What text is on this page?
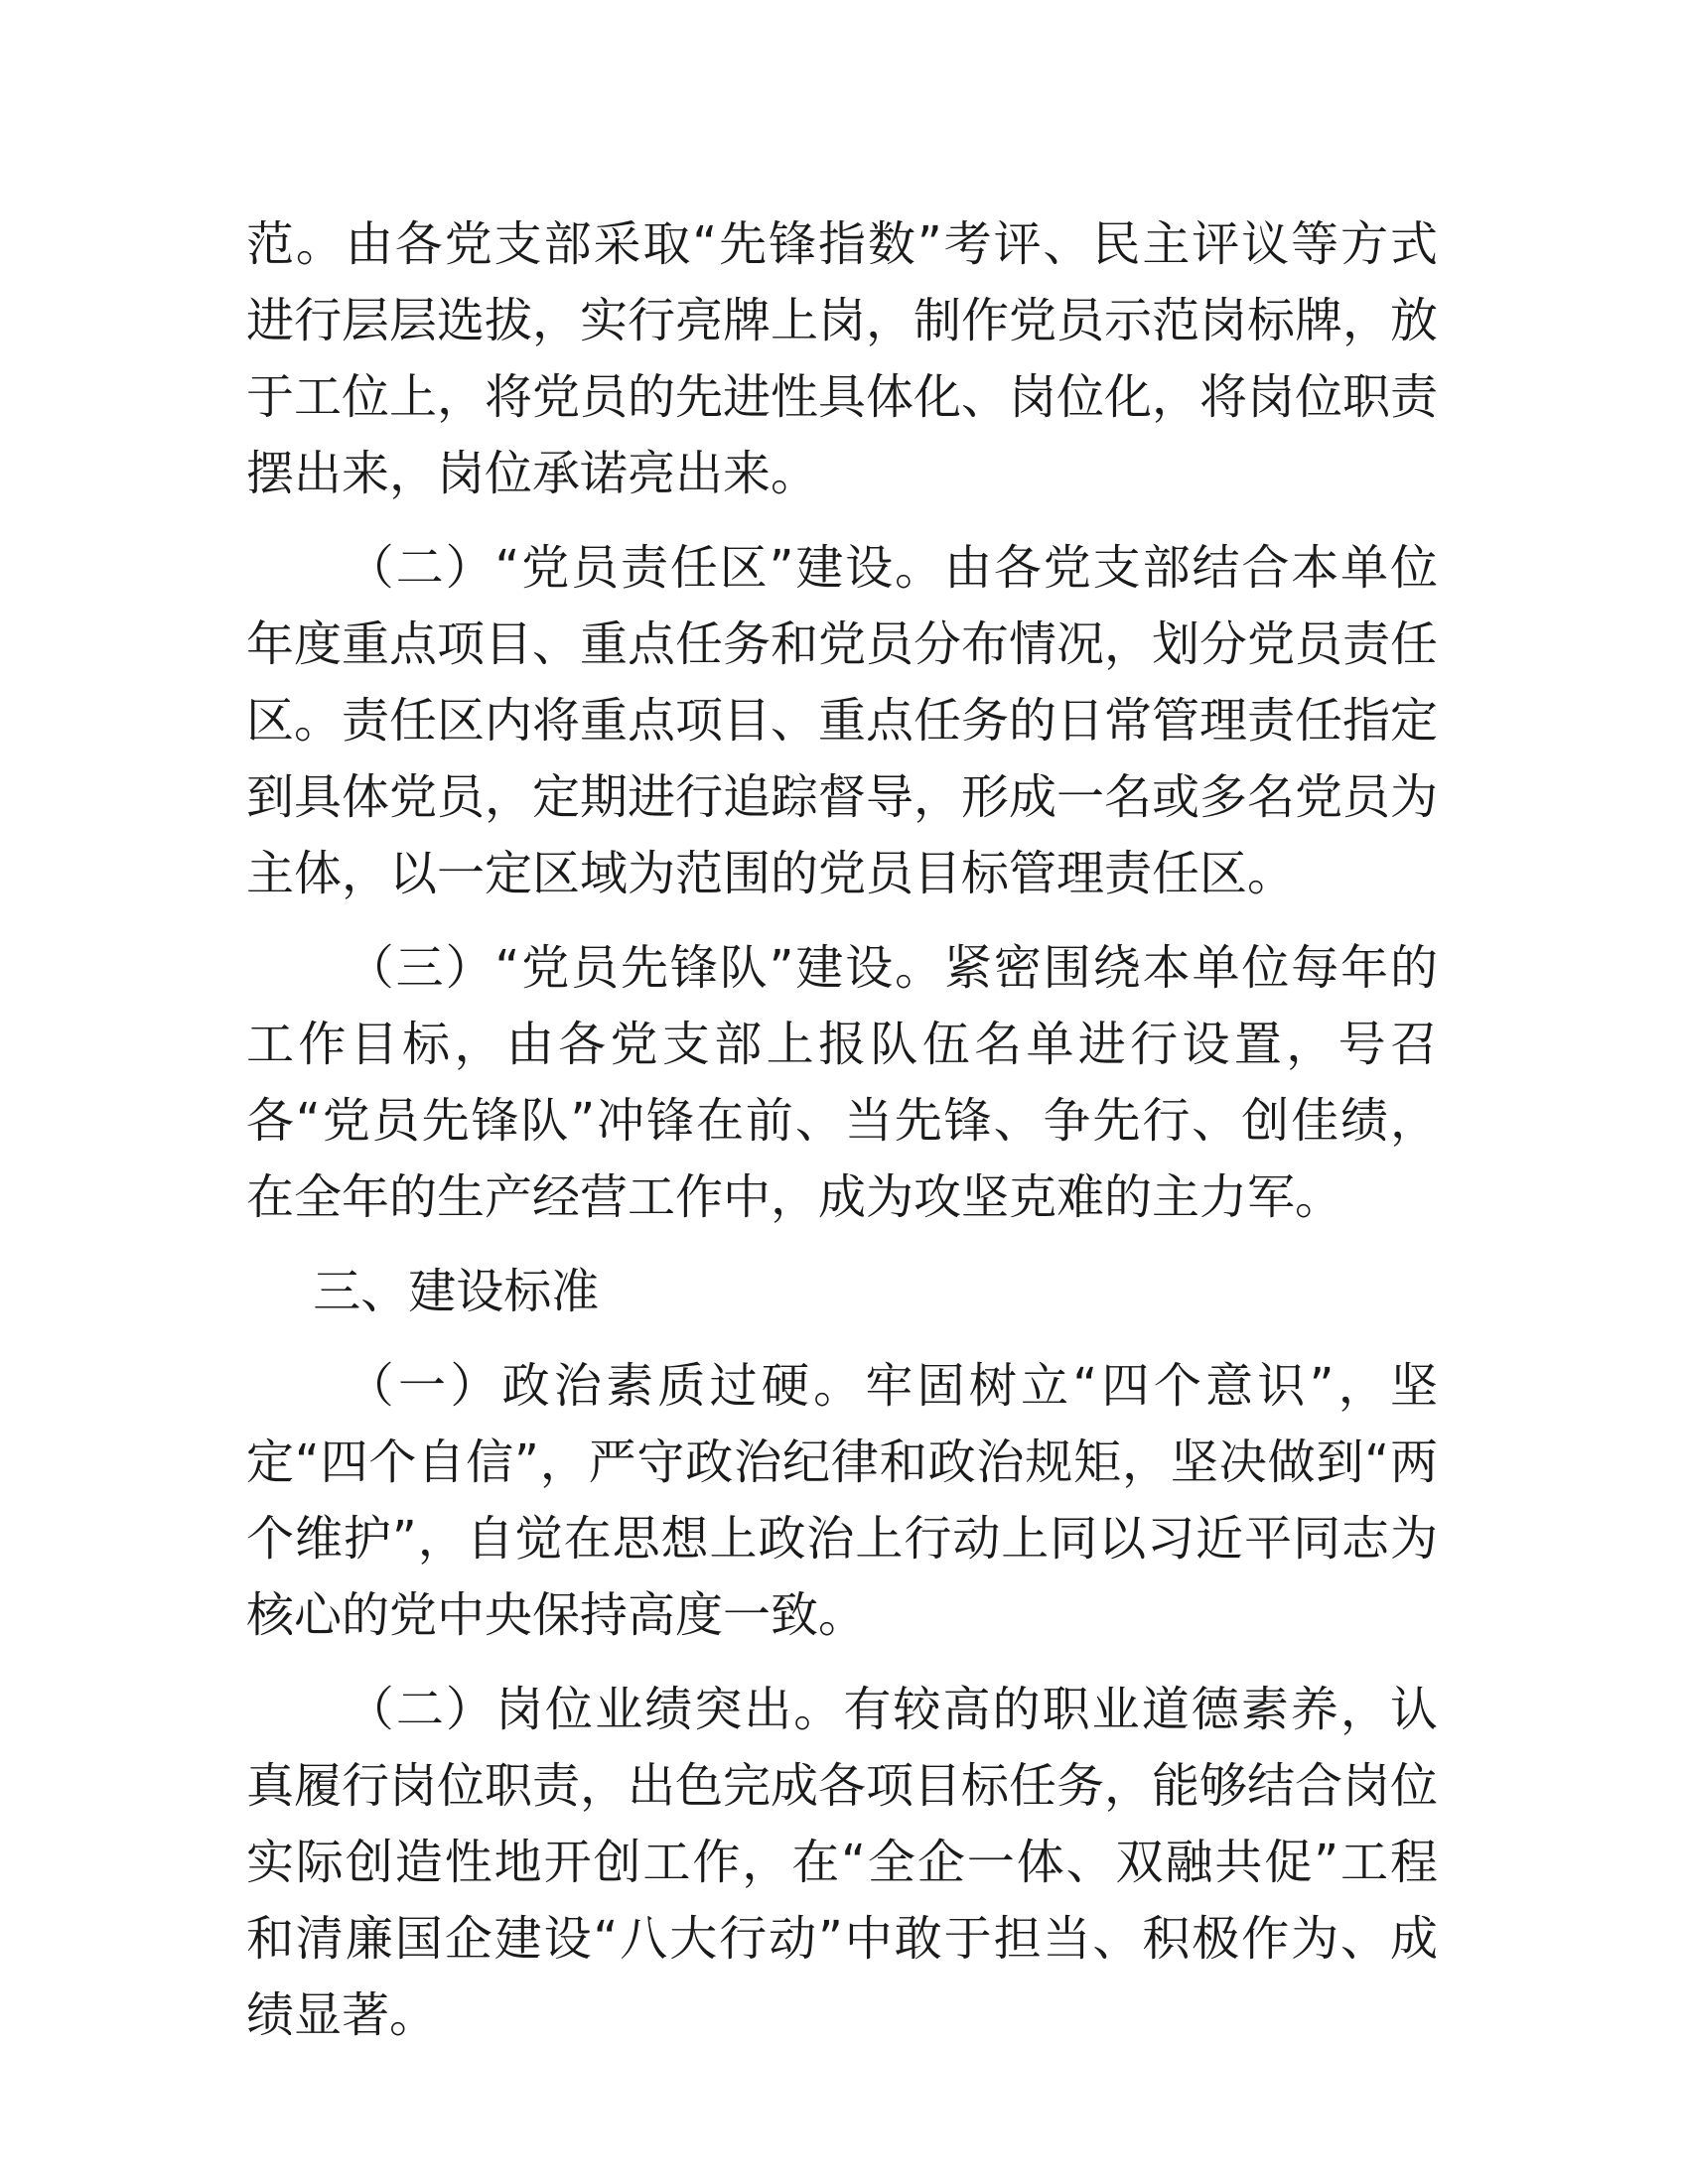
范。由各党支部采取“先锋指数”考评、民主评议等方式进行层层选拔，实行亮牌上岗，制作党员示范岗标牌，放于工位上，将党员的先进性具体化、岗位化，将岗位职责摆出来，岗位承诺亮出来。

（二）“党员责任区”建设。由各党支部结合本单位年度重点项目、重点任务和党员分布情况，划分党员责任区。责任区内将重点项目、重点任务的日常管理责任指定到具体党员，定期进行追踪督导，形成一名或多名党员为主体，以一定区域为范围的党员目标管理责任区。

（三）“党员先锋队”建设。紧密围绕本单位每年的工作目标，由各党支部上报队伍名单进行设置，号召各“党员先锋队”冲锋在前、当先锋、争先行、创佳绩，在全年的生产经营工作中，成为攻坚克难的主力军。

三、建设标准

（一）政治素质过硬。牢固树立“四个意识”，坚定“四个自信”，严守政治纪律和政治规矩，坚决做到“两个维护”，自觉在思想上政治上行动上同以习近平同志为核心的党中央保持高度一致。

（二）岗位业绩突出。有较高的职业道德素养，认真履行岗位职责，出色完成各项目标任务，能够结合岗位实际创造性地开创工作，在“全企一体、双融共促”工程和清廉国企建设“八大行动”中敢于担当、积极作为、成绩显著。
